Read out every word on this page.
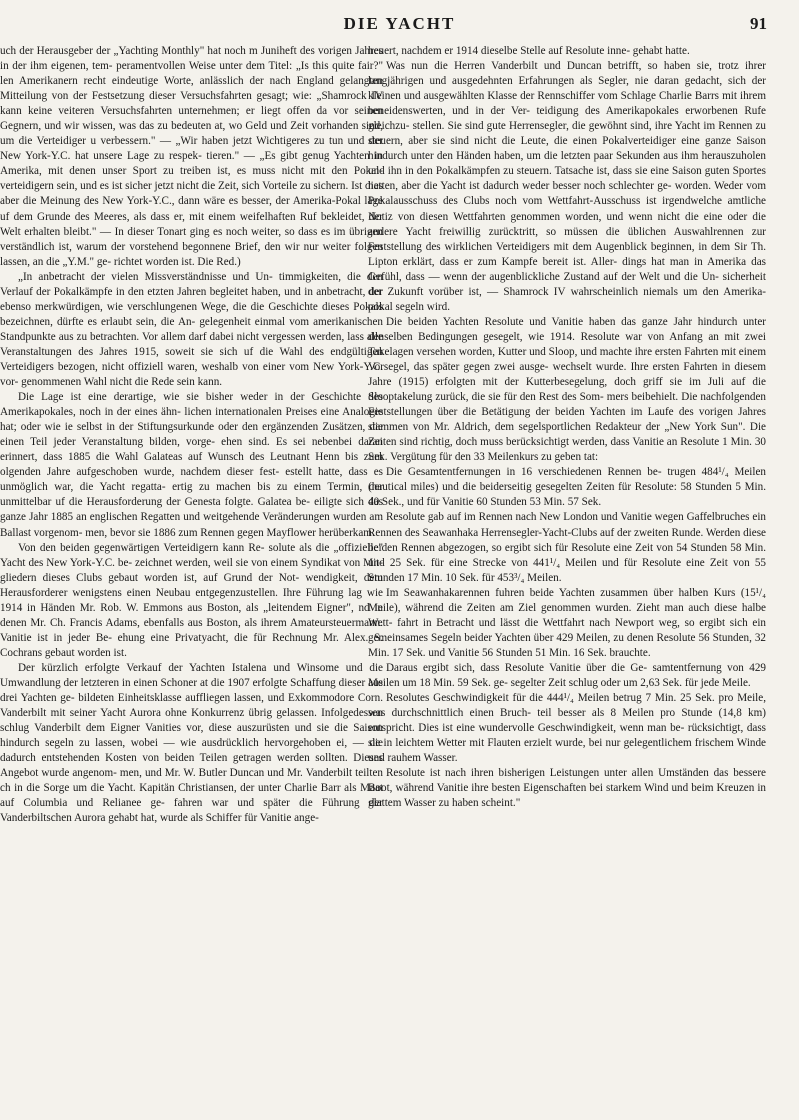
DIE YACHT	91

uch der Herausgeber der „Yachting Monthly" hat noch m Juniheft des vorigen Jahres in der ihm eigenen, tem- peramentvollen Weise unter dem Titel: „Is this quite fair?" len Amerikanern recht eindeutige Worte, anlässlich der nach England gelangten Mitteilung von der Festsetzung dieser Versuchsfahrten gesagt; wie: „Shamrock IV kann keine veiteren Versuchsfahrten unternehmen; er liegt offen da vor seinen Gegnern, und wir wissen, was das zu bedeuten at, wo Geld und Zeit vorhanden sind, um die Verteidiger u verbessern." — „Wir haben jetzt Wichtigeres zu tun und der New York-Y.C. hat unsere Lage zu respek- tieren." — „Es gibt genug Yachten in Amerika, mit denen unser Sport zu treiben ist, es muss nicht mit den Pokal- verteidigern sein, und es ist sicher jetzt nicht die Zeit, sich Vorteile zu sichern. Ist dies aber die Meinung des New York-Y.C., dann wäre es besser, der Amerika-Pokal läge uf dem Grunde des Meeres, als dass er, mit einem weifelhaften Ruf bekleidet, der Welt erhalten bleibt." — In dieser Tonart ging es noch weiter, so dass es im übrigen verständlich ist, warum der vorstehend begonnene Brief, den wir nur weiter folgen lassen, an die „Y.M." ge- richtet worden ist. Die Red.)

„In anbetracht der vielen Missverständnisse und Un- timmigkeiten, die den Verlauf der Pokalkämpfe in den etzten Jahren begleitet haben, und in anbetracht, der ebenso merkwürdigen, wie verschlungenen Wege, die die Geschichte dieses Pokals bezeichnen, dürfte es erlaubt sein, die An- gelegenheit einmal vom amerikanischen Standpunkte aus zu betrachten. Vor allem darf dabei nicht vergessen werden, lass alle Veranstaltungen des Jahres 1915, soweit sie sich uf die Wahl des endgültigen Verteidigers bezogen, nicht offiziell waren, weshalb von einer vom New York-Y.C. vor- genommenen Wahl nicht die Rede sein kann.

Die Lage ist eine derartige, wie sie bisher weder in der Geschichte des Amerikapokales, noch in der eines ähn- lichen internationalen Preises eine Analogie hat; oder wie ie selbst in der Stiftungsurkunde oder den ergänzenden Zusätzen, die einen Teil jeder Veranstaltung bilden, vorge- ehen sind. Es sei nebenbei daran erinnert, dass 1885 die Wahl Galateas auf Wunsch des Leutnant Henn bis zum olgenden Jahre aufgeschoben wurde, nachdem dieser fest- estellt hatte, dass es unmöglich war, die Yacht regatta- ertig zu machen bis zu einem Termin, der unmittelbar uf die Herausforderung der Genesta folgte. Galatea be- eiligte sich das ganze Jahr 1885 an englischen Regatten und weitgehende Veränderungen wurden am Ballast vorgenom- men, bevor sie 1886 zum Rennen gegen Mayflower herüberkam.

Von den beiden gegenwärtigen Verteidigern kann Re- solute als die „offizielle" Yacht des New York-Y.C. be- zeichnet werden, weil sie von einem Syndikat von Mit- gliedern dieses Clubs gebaut worden ist, auf Grund der Not- wendigkeit, dem Herausforderer wenigstens einen Neubau entgegenzustellen. Ihre Führung lag wie 1914 in Händen Mr. Rob. W. Emmons aus Boston, als „leitendem Eigner", nd in denen Mr. Ch. Francis Adams, ebenfalls aus Boston, als ihrem Amateursteuermann. Vanitie ist in jeder Be- ehung eine Privatyacht, die für Rechnung Mr. Alex. S. Cochrans gebaut worden ist.

Der kürzlich erfolgte Verkauf der Yachten Istalena und Winsome und die Umwandlung der letzteren in einen Schoner at die 1907 erfolgte Schaffung dieser aus drei Yachten ge- bildeten Einheitsklasse auffliegen lassen, und Exkommodore Corn. Vanderbilt mit seiner Yacht Aurora ohne Konkurrenz übrig gelassen. Infolgedessen schlug Vanderbilt dem Eigner Vanities vor, diese auszurüsten und sie die Saison hindurch segeln zu lassen, wobei — wie ausdrücklich hervorgehoben ei, — die dadurch entstehenden Kosten von beiden Teilen getragen werden sollten. Dieses Angebot wurde angenom- men, und Mr. W. Butler Duncan und Mr. Vanderbilt teilten ch in die Sorge um die Yacht. Kapitän Christiansen, der unter Charlie Barr als Maat auf Columbia und Relianee ge- fahren war und später die Führung der Vanderbiltschen Aurora gehabt hat, wurde als Schiffer für Vanitie ange-

heuert, nachdem er 1914 dieselbe Stelle auf Resolute inne- gehabt hatte.

Was nun die Herren Vanderbilt und Duncan betrifft, so haben sie, trotz ihrer langjährigen und ausgedehnten Erfahrungen als Segler, nie daran gedacht, sich der kleinen und ausgewählten Klasse der Rennschiffer vom Schlage Charlie Barrs mit ihrem beneidenswerten, und in der Ver- teidigung des Amerikapokales erworbenen Rufe gleichzu- stellen. Sie sind gute Herrensegler, die gewöhnt sind, ihre Yacht im Rennen zu steuern, aber sie sind nicht die Leute, die einen Pokalverteidiger eine ganze Saison hindurch unter den Händen haben, um die letzten paar Sekunden aus ihm herauszuholen und ihn in den Pokalkämpfen zu steuern. Tatsache ist, dass sie eine Saison guten Sportes hatten, aber die Yacht ist dadurch weder besser noch schlechter ge- worden. Weder vom Pokalausschuss des Clubs noch vom Wettfahrt-Ausschuss ist irgendwelche amtliche Notiz von diesen Wettfahrten genommen worden, und wenn nicht die eine oder die andere Yacht freiwillig zurücktritt, so müssen die üblichen Auswahlrennen zur Feststellung des wirklichen Verteidigers mit dem Augenblick beginnen, in dem Sir Th. Lipton erklärt, dass er zum Kampfe bereit ist. Aller- dings hat man in Amerika das Gefühl, dass — wenn der augenblickliche Zustand auf der Welt und die Un- sicherheit der Zukunft vorüber ist, — Shamrock IV wahrscheinlich niemals um den Amerika- pokal segeln wird.

Die beiden Yachten Resolute und Vanitie haben das ganze Jahr hindurch unter denselben Bedingungen gesegelt, wie 1914. Resolute war von Anfang an mit zwei Takelagen versehen worden, Kutter und Sloop, und machte ihre ersten Fahrten mit einem Vorsegel, das später gegen zwei ausge- wechselt wurde. Ihre ersten Fahrten in diesem Jahre (1915) erfolgten mit der Kutterbesegelung, doch griff sie im Juli auf die Slooptakelung zurück, die sie für den Rest des Som- mers beibehielt. Die nachfolgenden Feststellungen über die Betätigung der beiden Yachten im Laufe des vorigen Jahres stammen von Mr. Aldrich, dem segelsportlichen Redakteur der „New York Sun". Die Zeiten sind richtig, doch muss berücksichtigt werden, dass Vanitie an Resolute 1 Min. 30 Sek. Vergütung für den 33 Meilenkurs zu geben tat:

Die Gesamtentfernungen in 16 verschiedenen Rennen be- trugen 484¹/₄ Meilen (nautical miles) und die beiderseitig gesegelten Zeiten für Resolute: 58 Stunden 5 Min. 40 Sek., und für Vanitie 60 Stunden 53 Min. 57 Sek.

Resolute gab auf im Rennen nach New London und Vanitie wegen Gaffelbruches ein Rennen des Seawanhaka Herrensegler-Yacht-Clubs auf der zweiten Runde. Werden diese beiden Rennen abgezogen, so ergibt sich für Resolute eine Zeit von 54 Stunden 58 Min. und 25 Sek. für eine Strecke von 441¹/₄ Meilen und für Resolute eine Zeit von 55 Stunden 17 Min. 10 Sek. für 453³/₄ Meilen.

Im Seawanhakarennen fuhren beide Yachten zusammen über halben Kurs (15¹/₄ Meile), während die Zeiten am Ziel genommen wurden. Zieht man auch diese halbe Wett- fahrt in Betracht und lässt die Wettfahrt nach Newport weg, so ergibt sich ein gemeinsames Segeln beider Yachten über 429 Meilen, zu denen Resolute 56 Stunden, 32 Min. 17 Sek. und Vanitie 56 Stunden 51 Min. 16 Sek. brauchte.

Daraus ergibt sich, dass Resolute Vanitie über die Ge- samtentfernung von 429 Meilen um 18 Min. 59 Sek. ge- segelter Zeit schlug oder um 2,63 Sek. für jede Meile.

Resolutes Geschwindigkeit für die 444¹/₄ Meilen betrug 7 Min. 25 Sek. pro Meile, was durchschnittlich einen Bruch- teil besser als 8 Meilen pro Stunde (14,8 km) entspricht. Dies ist eine wundervolle Geschwindigkeit, wenn man be- rücksichtigt, dass sie in leichtem Wetter mit Flauten erzielt wurde, bei nur gelegentlichem frischem Winde und rauhem Wasser.

Resolute ist nach ihren bisherigen Leistungen unter allen Umständen das bessere Boot, während Vanitie ihre besten Eigenschaften bei starkem Wind und beim Kreuzen in glattem Wasser zu haben scheint."
